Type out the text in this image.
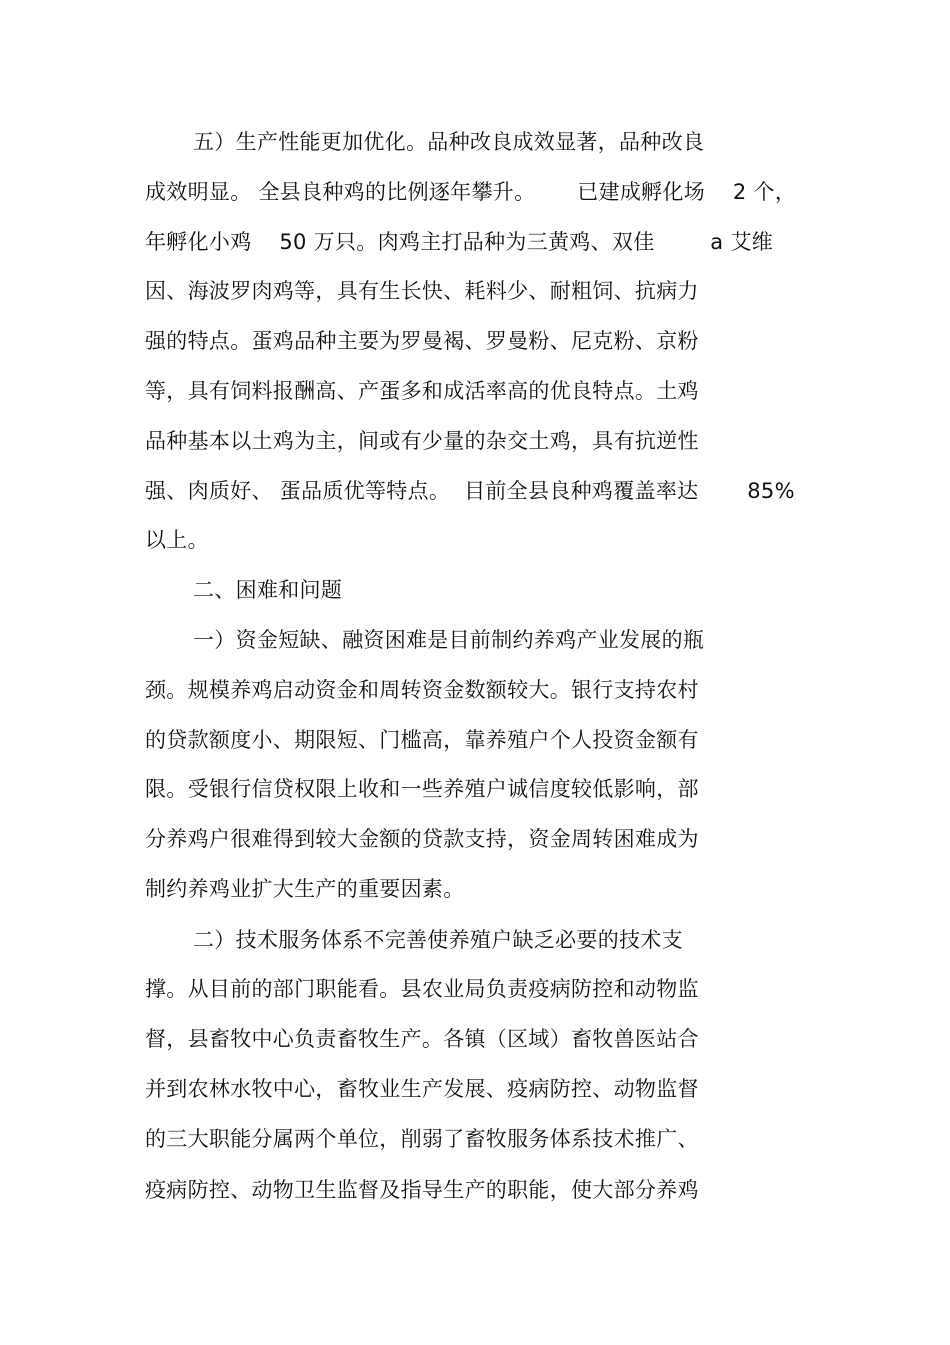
五）生产性能更加优化。品种改良成效显著，品种改良
成效明显。 全县良种鸡的比例逐年攀升。      已建成孵化场    2 个，
年孵化小鸡    50 万只。肉鸡主打品种为三黄鸡、双佳        a 艾维
因、海波罗肉鸡等，具有生长快、耗料少、耐粗饲、抗病力
强的特点。蛋鸡品种主要为罗曼褐、罗曼粉、尼克粉、京粉
等，具有饲料报酬高、产蛋多和成活率高的优良特点。土鸡
品种基本以土鸡为主，间或有少量的杂交土鸡，具有抗逆性
强、肉质好、 蛋品质优等特点。  目前全县良种鸡覆盖率达       85%
以上。
二、困难和问题
一）资金短缺、融资困难是目前制约养鸡产业发展的瓶
颈。规模养鸡启动资金和周转资金数额较大。银行支持农村
的贷款额度小、期限短、门槛高，靠养殖户个人投资金额有
限。受银行信贷权限上收和一些养殖户诚信度较低影响，部
分养鸡户很难得到较大金额的贷款支持，资金周转困难成为
制约养鸡业扩大生产的重要因素。
二）技术服务体系不完善使养殖户缺乏必要的技术支
撑。从目前的部门职能看。县农业局负责疫病防控和动物监
督，县畜牧中心负责畜牧生产。各镇（区域）畜牧兽医站合
并到农林水牧中心，畜牧业生产发展、疫病防控、动物监督
的三大职能分属两个单位，削弱了畜牧服务体系技术推广、
疫病防控、动物卫生监督及指导生产的职能，使大部分养鸡
